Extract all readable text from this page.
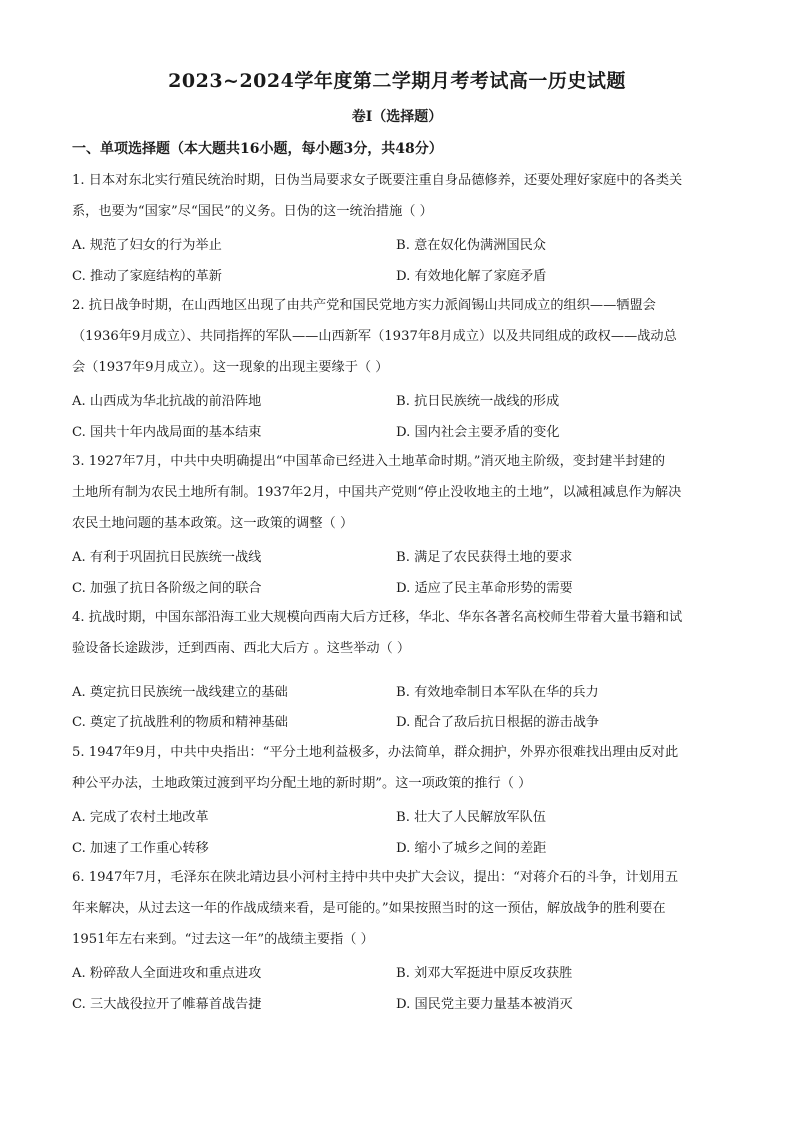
2023~2024学年度第二学期月考考试高一历史试题
卷I（选择题）
一、单项选择题（本大题共16小题，每小题3分，共48分）
1. 日本对东北实行殖民统治时期，日伪当局要求女子既要注重自身品德修养，还要处理好家庭中的各类关
系，也要为“国家”尽“国民”的义务。日伪的这一统治措施（ ）
A. 规范了妇女的行为举止	B. 意在奴化伪满洲国民众
C. 推动了家庭结构的革新	D. 有效地化解了家庭矛盾
2. 抗日战争时期，在山西地区出现了由共产党和国民党地方实力派阎锡山共同成立的组织——牺盟会
（1936年9月成立）、共同指挥的军队——山西新军（1937年8月成立）以及共同组成的政权——战动总
会（1937年9月成立）。这一现象的出现主要缘于（ ）
A. 山西成为华北抗战的前沿阵地	B. 抗日民族统一战线的形成
C. 国共十年内战局面的基本结束	D. 国内社会主要矛盾的变化
3. 1927年7月，中共中央明确提出“中国革命已经进入土地革命时期。”消灭地主阶级，变封建半封建的
土地所有制为农民土地所有制。1937年2月，中国共产党则“停止没收地主的土地”，以减租减息作为解决
农民土地问题的基本政策。这一政策的调整（ ）
A. 有利于巩固抗日民族统一战线	B. 满足了农民获得土地的要求
C. 加强了抗日各阶级之间的联合	D. 适应了民主革命形势的需要
4. 抗战时期，中国东部沿海工业大规模向西南大后方迁移，华北、华东各著名高校师生带着大量书籍和试
验设备长途跋涉，迁到西南、西北大后方 。这些举动（ ）
A. 奠定抗日民族统一战线建立的基础	B. 有效地牵制日本军队在华的兵力
C. 奠定了抗战胜利的物质和精神基础	D. 配合了敌后抗日根据的游击战争
5. 1947年9月，中共中央指出：“平分土地利益极多，办法简单，群众拥护，外界亦很难找出理由反对此
种公平办法，土地政策过渡到平均分配土地的新时期”。这一项政策的推行（ ）
A. 完成了农村土地改革	B. 壮大了人民解放军队伍
C. 加速了工作重心转移	D. 缩小了城乡之间的差距
6. 1947年7月，毛泽东在陕北靖边县小河村主持中共中央扩大会议，提出：“对蒋介石的斗争，计划用五
年来解决，从过去这一年的作战成绩来看，是可能的。”如果按照当时的这一预估，解放战争的胜利要在
1951年左右来到。“过去这一年”的战绩主要指（ ）
A. 粉碎敌人全面进攻和重点进攻	B. 刘邓大军挺进中原反攻获胜
C. 三大战役拉开了帷幕首战告捷	D. 国民党主要力量基本被消灭
